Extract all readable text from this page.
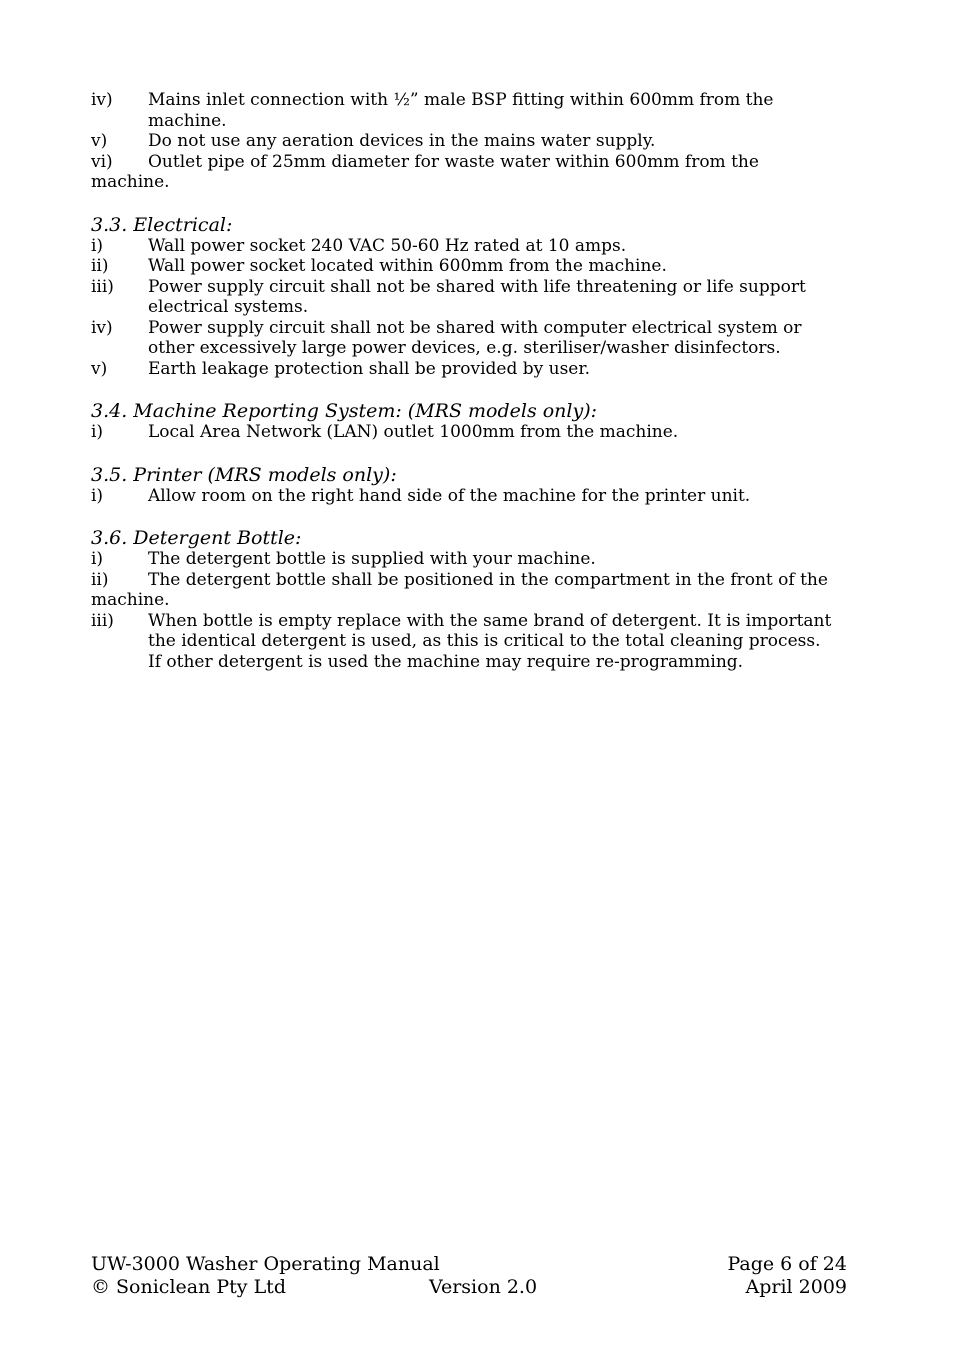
iv)	Mains inlet connection with ½” male BSP fitting within 600mm from the
machine.
v)	Do not use any aeration devices in the mains water supply.
vi)	Outlet pipe of 25mm diameter for waste water within 600mm from the
machine.
3.3. Electrical:
i)	Wall power socket 240 VAC 50-60 Hz rated at 10 amps.
ii)	Wall power socket located within 600mm from the machine.
iii)	Power supply circuit shall not be shared with life threatening or life support
electrical systems.
iv)	Power supply circuit shall not be shared with computer electrical system or
other excessively large power devices, e.g. steriliser/washer disinfectors.
v)	Earth leakage protection shall be provided by user.
3.4. Machine Reporting System: (MRS models only):
i)	Local Area Network (LAN) outlet 1000mm from the machine.
3.5. Printer (MRS models only):
i)	Allow room on the right hand side of the machine for the printer unit.
3.6. Detergent Bottle:
i)	The detergent bottle is supplied with your machine.
ii)	The detergent bottle shall be positioned in the compartment in the front of the
machine.
iii)	When bottle is empty replace with the same brand of detergent. It is important
the identical detergent is used, as this is critical to the total cleaning process.
If other detergent is used the machine may require re-programming.
UW-3000 Washer Operating Manual	Page 6 of 24
© Soniclean Pty Ltd	Version 2.0	April 2009
